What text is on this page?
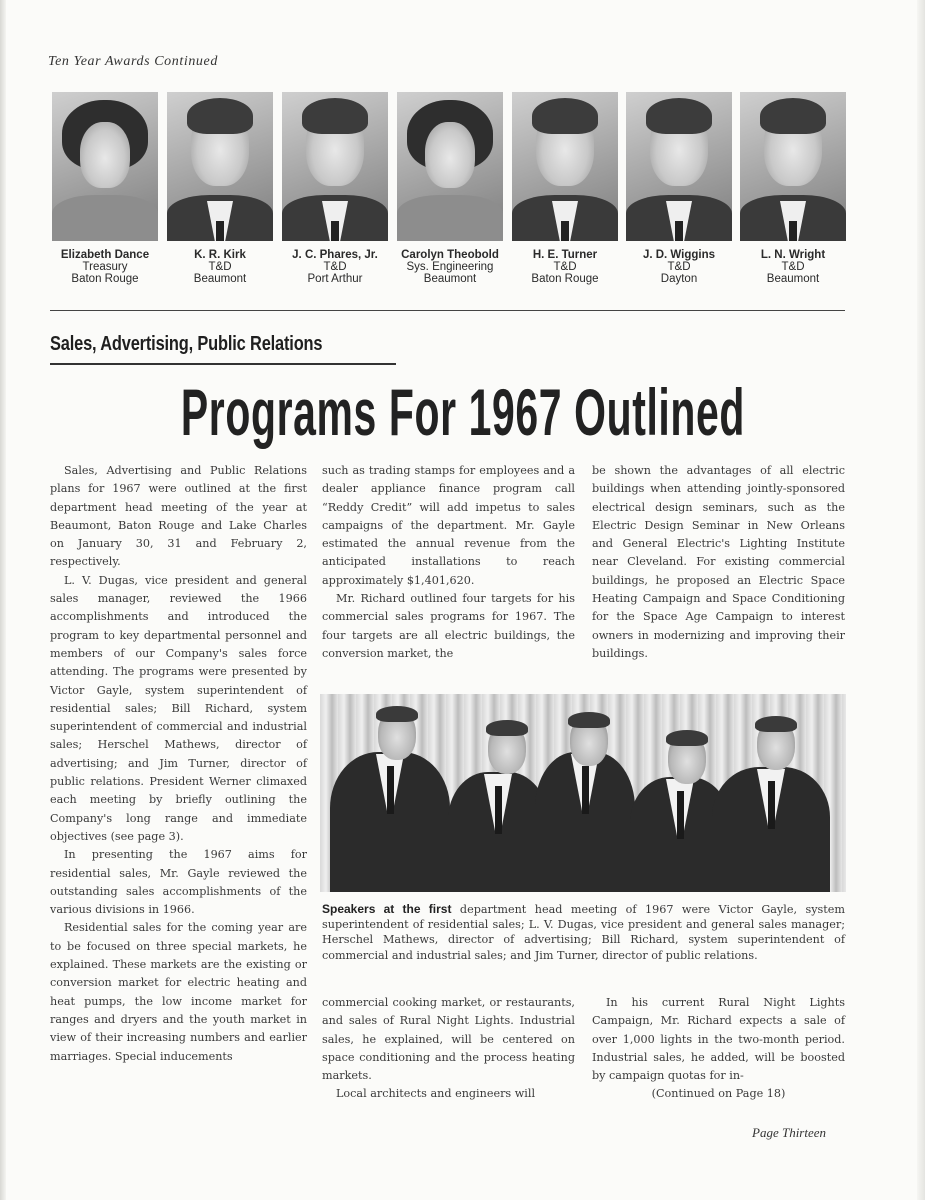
Ten Year Awards Continued
Elizabeth Dance
Treasury
Baton Rouge
K. R. Kirk
T&D
Beaumont
J. C. Phares, Jr.
T&D
Port Arthur
Carolyn Theobold
Sys. Engineering
Beaumont
H. E. Turner
T&D
Baton Rouge
J. D. Wiggins
T&D
Dayton
L. N. Wright
T&D
Beaumont
Sales, Advertising, Public Relations
Programs For 1967 Outlined

Sales, Advertising and Public Relations plans for 1967 were outlined at the first department head meeting of the year at Beaumont, Baton Rouge and Lake Charles on January 30, 31 and February 2, respectively.

L. V. Dugas, vice president and general sales manager, reviewed the 1966 accomplishments and introduced the program to key departmental personnel and members of our Company's sales force attending. The programs were presented by Victor Gayle, system superintendent of residential sales; Bill Richard, system superintendent of commercial and industrial sales; Herschel Mathews, director of advertising; and Jim Turner, director of public relations. President Werner climaxed each meeting by briefly outlining the Company's long range and immediate objectives (see page 3).

In presenting the 1967 aims for residential sales, Mr. Gayle reviewed the outstanding sales accomplishments of the various divisions in 1966.

Residential sales for the coming year are to be focused on three special markets, he explained. These markets are the existing or conversion market for electric heating and heat pumps, the low income market for ranges and dryers and the youth market in view of their increasing numbers and earlier marriages. Special inducements

such as trading stamps for employees and a dealer appliance finance program call “Reddy Credit” will add impetus to sales campaigns of the department. Mr. Gayle estimated the annual revenue from the anticipated installations to reach approximately $1,401,620.

Mr. Richard outlined four targets for his commercial sales programs for 1967. The four targets are all electric buildings, the conversion market, the

be shown the advantages of all electric buildings when attending jointly-sponsored electrical design seminars, such as the Electric Design Seminar in New Orleans and General Electric's Lighting Institute near Cleveland. For existing commercial buildings, he proposed an Electric Space Heating Campaign and Space Conditioning for the Space Age Campaign to interest owners in modernizing and improving their buildings.

Speakers at the first department head meeting of 1967 were Victor Gayle, system superintendent of residential sales; L. V. Dugas, vice president and general sales manager; Herschel Mathews, director of advertising; Bill Richard, system superintendent of commercial and industrial sales; and Jim Turner, director of public relations.

commercial cooking market, or restaurants, and sales of Rural Night Lights. Industrial sales, he explained, will be centered on space conditioning and the process heating markets.

Local architects and engineers will

In his current Rural Night Lights Campaign, Mr. Richard expects a sale of over 1,000 lights in the two-month period. Industrial sales, he added, will be boosted by campaign quotas for in-

(Continued on Page 18)

Page Thirteen
